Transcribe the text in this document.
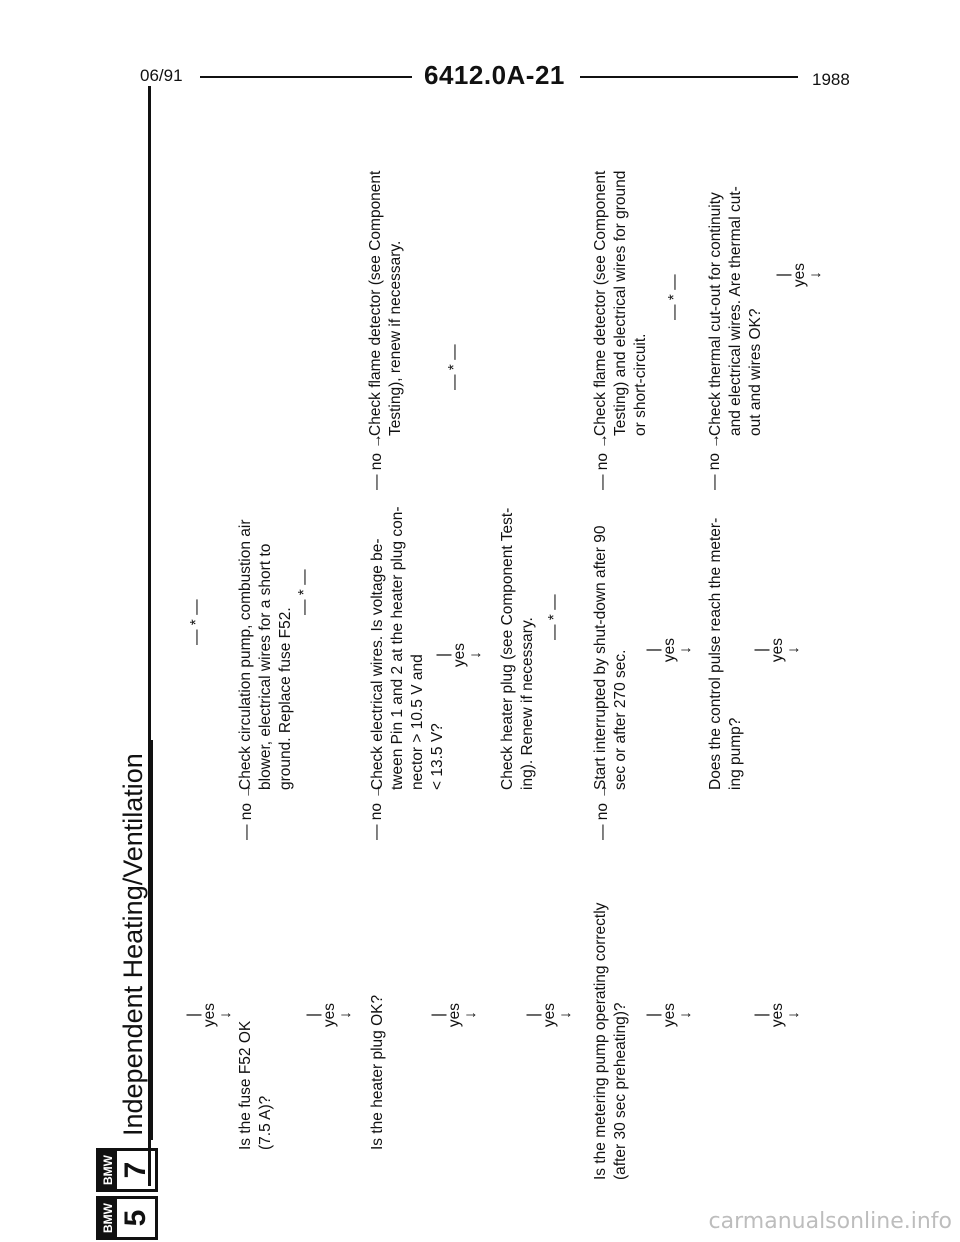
06/91	6412.0A-21	1988
BMW 5
BMW 7
Independent Heating/Ventilation | yes ↓
Is the fuse F52 OK (7.5 A)?
— no →
Check circulation pump, combustion air blower, electrical wires for a short to ground. Replace fuse F52.
— * —
— * —
| yes ↓ Is the heater plug OK?
— no →
Check electrical wires. Is voltage be- tween Pin 1 and 2 at the heater plug con- nector > 10.5 V and < 13.5 V?
— no →
Check flame detector (see Component Testing), renew if necessary.
| yes ↓
| yes ↓
— * —
| yes ↓
Check heater plug (see Component Test- ing). Renew if necessary. — * —
Is the metering pump operating correctly (after 30 sec preheating)?
— no →
Start interrupted by shut-down after 90 sec or after 270 sec.
— no →
Check flame detector (see Component Testing) and electrical wires for ground or short-circuit.
| yes ↓
| yes ↓
— * —
| yes ↓
Does the control pulse reach the meter- ing pump?
— no →
Check thermal cut-out for continuity and electrical wires. Are thermal cut- out and wires OK?
| yes ↓
| yes ↓
carmanualsonline.info
